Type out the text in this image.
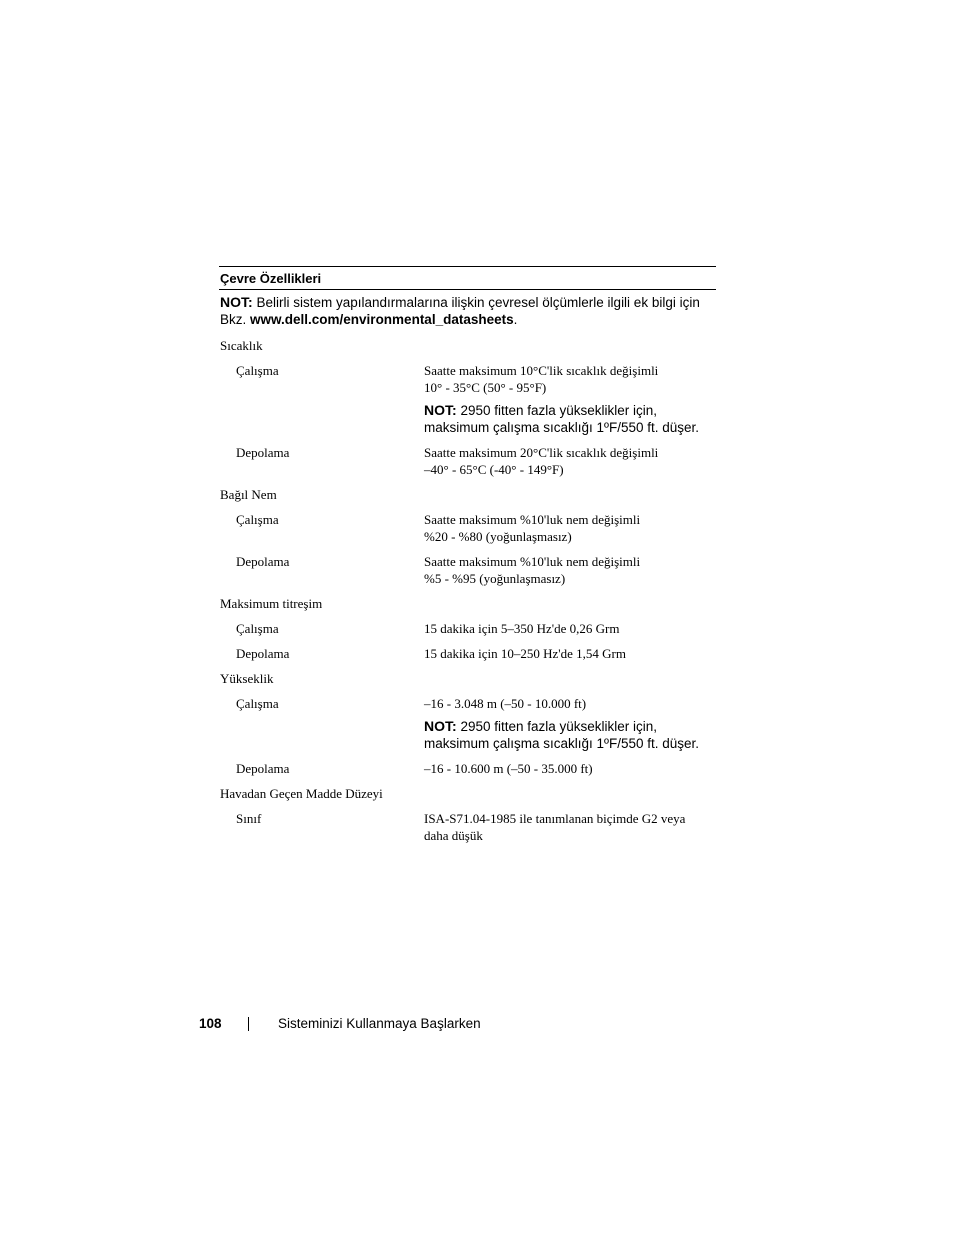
Çevre Özellikleri
NOT: Belirli sistem yapılandırmalarına ilişkin çevresel ölçümlerle ilgili ek bilgi için Bkz. www.dell.com/environmental_datasheets.
Sıcaklık
Çalışma	Saatte maksimum 10°C'lik sıcaklık değişimli
10° - 35°C (50° - 95°F)
NOT: 2950 fitten fazla yükseklikler için, maksimum çalışma sıcaklığı 1ºF/550 ft. düşer.
Depolama	Saatte maksimum 20°C'lik sıcaklık değişimli
–40° - 65°C (-40° - 149°F)
Bağıl Nem
Çalışma	Saatte maksimum %10'luk nem değişimli
%20 - %80 (yoğunlaşmasız)
Depolama	Saatte maksimum %10'luk nem değişimli
%5 - %95 (yoğunlaşmasız)
Maksimum titreşim
Çalışma	15 dakika için 5–350 Hz'de 0,26 Grm
Depolama	15 dakika için 10–250 Hz'de 1,54 Grm
Yükseklik
Çalışma	–16 - 3.048 m (–50 - 10.000 ft)
NOT: 2950 fitten fazla yükseklikler için, maksimum çalışma sıcaklığı 1ºF/550 ft. düşer.
Depolama	–16 - 10.600 m (–50 - 35.000 ft)
Havadan Geçen Madde Düzeyi
Sınıf	ISA-S71.04-1985 ile tanımlanan biçimde G2 veya
daha düşük
108	Sisteminizi Kullanmaya Başlarken
